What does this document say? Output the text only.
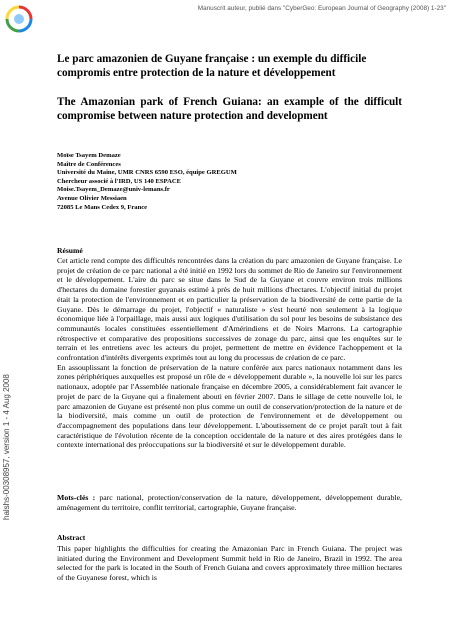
Manuscrit auteur, publié dans "CyberGeo: European Journal of Geography (2008) 1-23"
halshs-00308957, version 1 - 4 Aug 2008
Le parc amazonien de Guyane française : un exemple du difficile compromis entre protection de la nature et développement
The Amazonian park of French Guiana: an example of the difficult compromise between nature protection and development
Moïse Tsayem Demaze
Maître de Conférences
Université du Maine, UMR CNRS 6590 ESO, équipe GREGUM
Chercheur associé à l'IRD, US 140 ESPACE
Moise.Tsayem_Demaze@univ-lemans.fr
Avenue Olivier Messiaen
72085 Le Mans Cedex 9, France
Résumé

Cet article rend compte des difficultés rencontrées dans la création du parc amazonien de Guyane française. Le projet de création de ce parc national a été initié en 1992 lors du sommet de Rio de Janeiro sur l'environnement et le développement. L'aire du parc se situe dans le Sud de la Guyane et couvre environ trois millions d'hectares du domaine forestier guyanais estimé à près de huit millions d'hectares. L'objectif initial du projet était la protection de l'environnement et en particulier la préservation de la biodiversité de cette partie de la Guyane. Dès le démarrage du projet, l'objectif « naturaliste » s'est heurté non seulement à la logique économique liée à l'orpaillage, mais aussi aux logiques d'utilisation du sol pour les besoins de subsistance des communautés locales constituées essentiellement d'Amérindiens et de Noirs Marrons. La cartographie rétrospective et comparative des propositions successives de zonage du parc, ainsi que les enquêtes sur le terrain et les entretiens avec les acteurs du projet, permettent de mettre en évidence l'achoppement et la confrontation d'intérêts divergents exprimés tout au long du processus de création de ce parc.

En assouplissant la fonction de préservation de la nature conférée aux parcs nationaux notamment dans les zones périphériques auxquelles est proposé un rôle de « développement durable », la nouvelle loi sur les parcs nationaux, adoptée par l'Assemblée nationale française en décembre 2005, a considérablement fait avancer le projet de parc de la Guyane qui a finalement abouti en février 2007. Dans le sillage de cette nouvelle loi, le parc amazonien de Guyane est présenté non plus comme un outil de conservation/protection de la nature et de la biodiversité, mais comme un outil de protection de l'environnement et de développement ou d'accompagnement des populations dans leur développement. L'aboutissement de ce projet paraît tout à fait caractéristique de l'évolution récente de la conception occidentale de la nature et des aires protégées dans le contexte international des préoccupations sur la biodiversité et sur le développement durable.

Mots-clés : parc national, protection/conservation de la nature, développement, développement durable, aménagement du territoire, conflit territorial, cartographie, Guyane française.
Abstract
This paper highlights the difficulties for creating the Amazonian Parc in French Guiana. The project was initiated during the Environment and Development Summit held in Rio de Janeiro, Brazil in 1992. The area selected for the park is located in the South of French Guiana and covers approximately three million hectares of the Guyanese forest, which is
